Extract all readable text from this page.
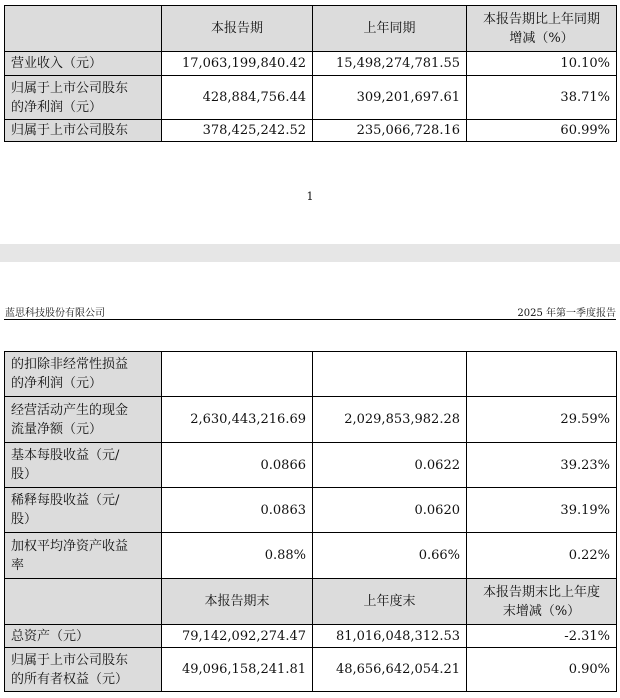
	本报告期	上年同期	本报告期比上年同期
增减（%）
营业收入（元）	17,063,199,840.42	15,498,274,781.55	10.10%
归属于上市公司股东
的净利润（元）	428,884,756.44	309,201,697.61	38.71%
归属于上市公司股东	378,425,242.52	235,066,728.16	60.99%
1
蓝思科技股份有限公司	2025 年第一季度报告
的扣除非经常性损益
的净利润（元）			
经营活动产生的现金
流量净额（元）	2,630,443,216.69	2,029,853,982.28	29.59%
基本每股收益（元/
股）	0.0866	0.0622	39.23%
稀释每股收益（元/
股）	0.0863	0.0620	39.19%
加权平均净资产收益
率	0.88%	0.66%	0.22%
	本报告期末	上年度末	本报告期末比上年度
末增减（%）
总资产（元）	79,142,092,274.47	81,016,048,312.53	-2.31%
归属于上市公司股东
的所有者权益（元）	49,096,158,241.81	48,656,642,054.21	0.90%
